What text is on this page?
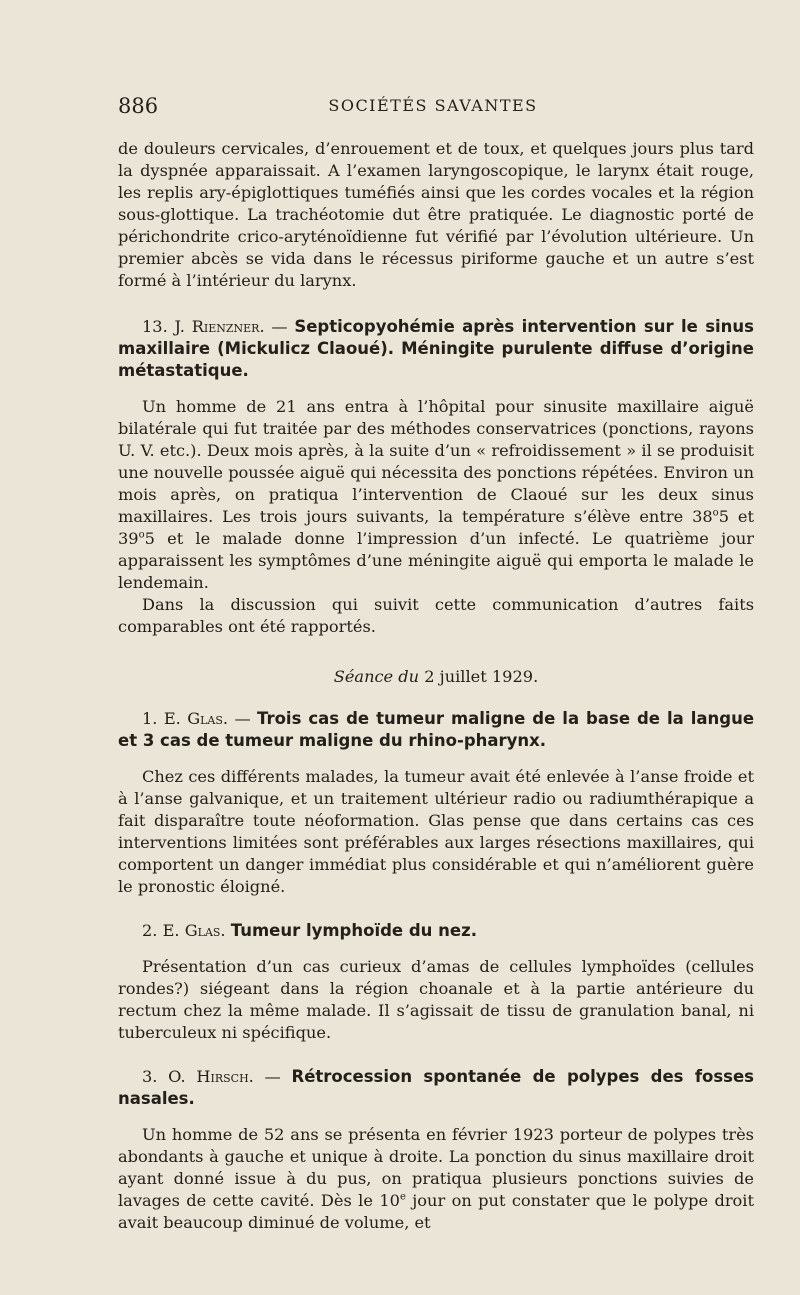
886	SOCIÉTÉS SAVANTES

de douleurs cervicales, d’enrouement et de toux, et quelques jours plus tard la dyspnée apparaissait. A l’examen laryngoscopique, le larynx était rouge, les replis ary-épiglottiques tuméfiés ainsi que les cordes vocales et la région sous-glottique. La trachéotomie dut être pratiquée. Le diagnostic porté de périchondrite crico-aryténoïdienne fut vérifié par l’évolution ultérieure. Un premier abcès se vida dans le récessus piriforme gauche et un autre s’est formé à l’intérieur du larynx.

13. J. Rienzner. — Septicopyohémie après intervention sur le sinus maxillaire (Mickulicz Claoué). Méningite purulente diffuse d’origine métastatique.

Un homme de 21 ans entra à l’hôpital pour sinusite maxillaire aiguë bilatérale qui fut traitée par des méthodes conservatrices (ponctions, rayons U. V. etc.). Deux mois après, à la suite d’un « refroidissement » il se produisit une nouvelle poussée aiguë qui nécessita des ponctions répétées. Environ un mois après, on pratiqua l’intervention de Claoué sur les deux sinus maxillaires. Les trois jours suivants, la température s’élève entre 38$^o$5 et 39$^o$5 et le malade donne l’impression d’un infecté. Le quatrième jour apparaissent les symptômes d’une méningite aiguë qui emporta le malade le lendemain.

Dans la discussion qui suivit cette communication d’autres faits comparables ont été rapportés.

Séance du 2 juillet 1929.

1. E. Glas. — Trois cas de tumeur maligne de la base de la langue et 3 cas de tumeur maligne du rhino-pharynx.

Chez ces différents malades, la tumeur avait été enlevée à l’anse froide et à l’anse galvanique, et un traitement ultérieur radio ou radiumthérapique a fait disparaître toute néoformation. Glas pense que dans certains cas ces interventions limitées sont préférables aux larges résections maxillaires, qui comportent un danger immédiat plus considérable et qui n’améliorent guère le pronostic éloigné.

2. E. Glas. Tumeur lymphoïde du nez.

Présentation d’un cas curieux d’amas de cellules lymphoïdes (cellules rondes?) siégeant dans la région choanale et à la partie antérieure du rectum chez la même malade. Il s’agissait de tissu de granulation banal, ni tuberculeux ni spécifique.

3. O. Hirsch. — Rétrocession spontanée de polypes des fosses nasales.

Un homme de 52 ans se présenta en février 1923 porteur de polypes très abondants à gauche et unique à droite. La ponction du sinus maxillaire droit ayant donné issue à du pus, on pratiqua plusieurs ponctions suivies de lavages de cette cavité. Dès le 10e jour on put constater que le polype droit avait beaucoup diminué de volume, et
